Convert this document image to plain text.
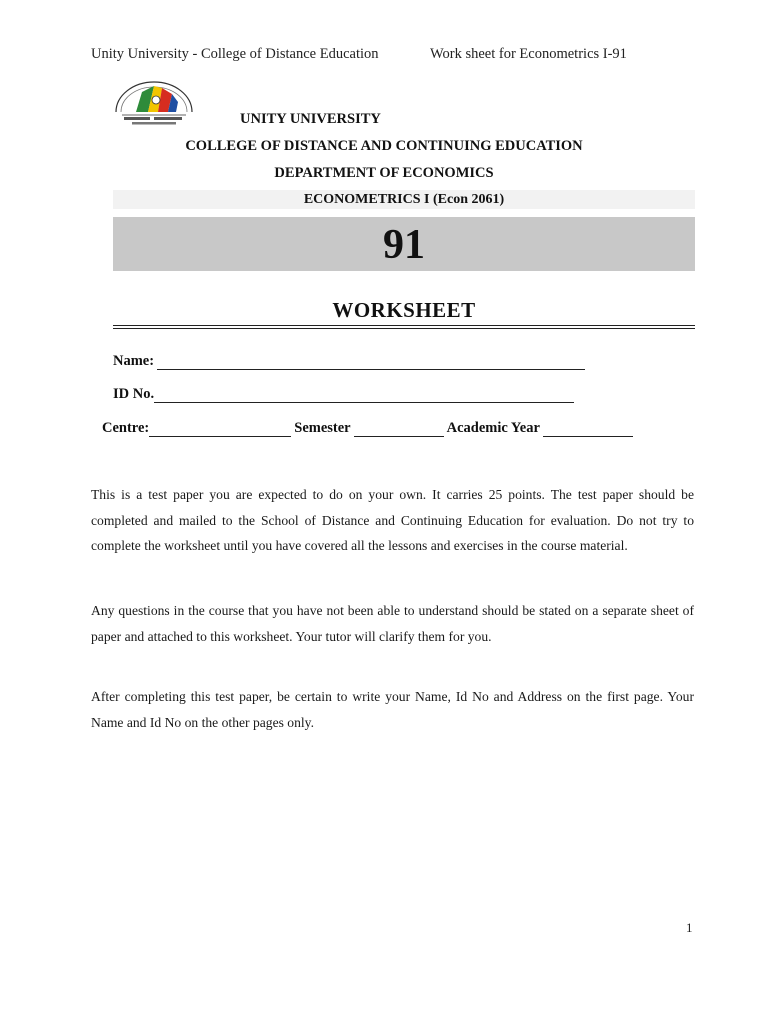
Unity University - College of Distance Education	Work sheet for Econometrics I-91
UNITY UNIVERSITY
COLLEGE OF DISTANCE AND CONTINUING EDUCATION
DEPARTMENT OF ECONOMICS
ECONOMETRICS I (Econ 2061)
91
WORKSHEET
Name:
ID No.
Centre:	Semester	Academic Year
This is a test paper you are expected to do on your own. It carries 25 points. The test paper should be completed and mailed to the School of Distance and Continuing Education for evaluation. Do not try to complete the worksheet until you have covered all the lessons and exercises in the course material.
Any questions in the course that you have not been able to understand should be stated on a separate sheet of paper and attached to this worksheet. Your tutor will clarify them for you.
After completing this test paper, be certain to write your Name, Id No and Address on the first page. Your Name and Id No on the other pages only.
1
